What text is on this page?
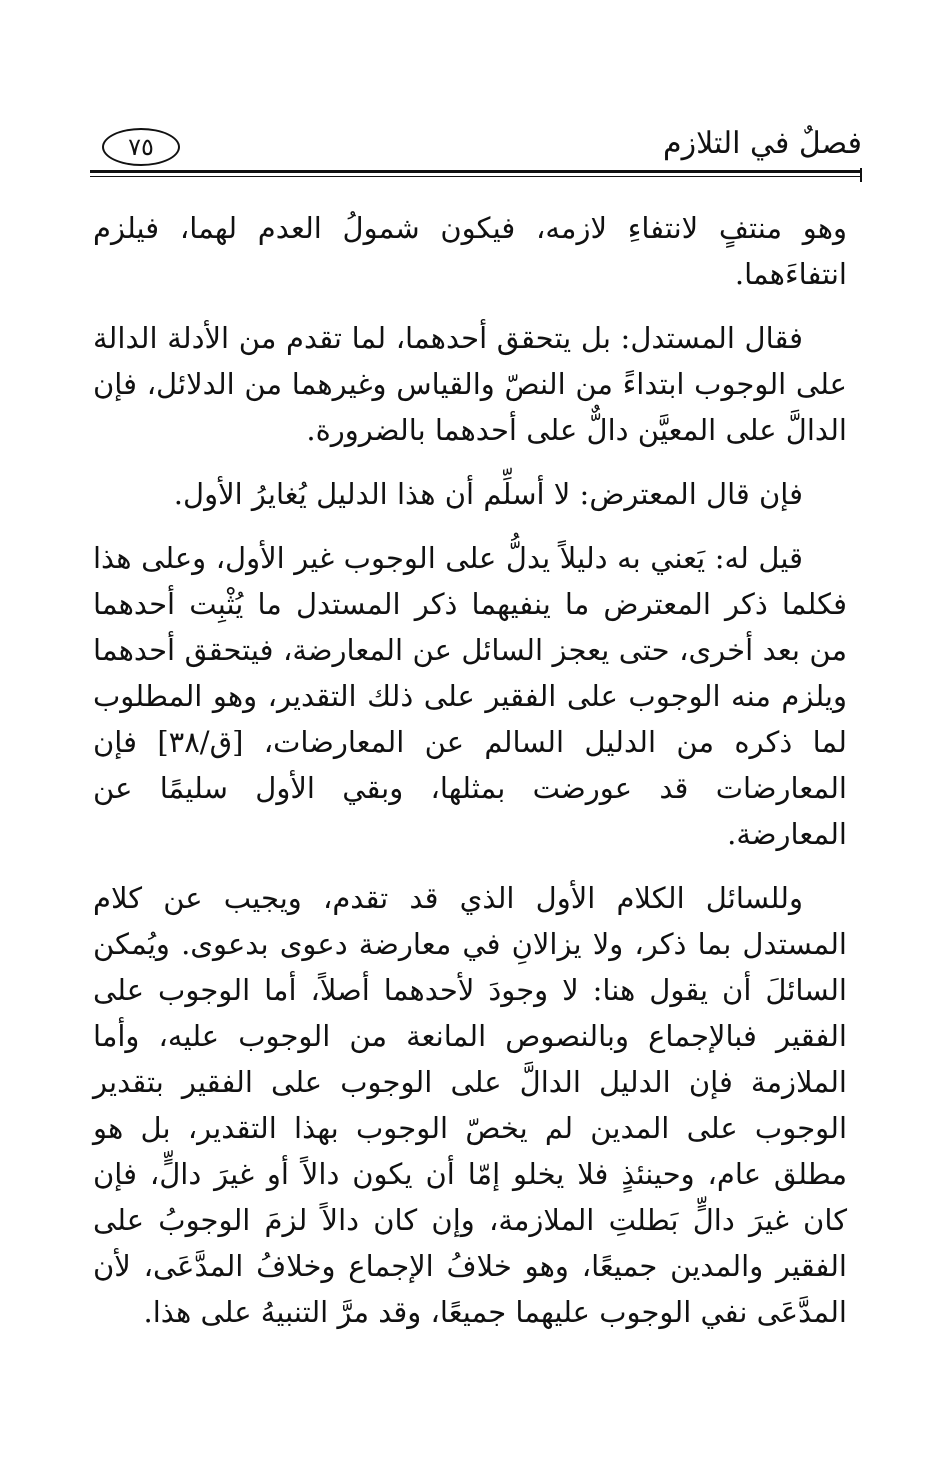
فصلٌ في التلازم
٧٥

وهو منتفٍ لانتفاءِ لازمه، فيكون شمولُ العدم لهما، فيلزم انتفاءَهما.

فقال المستدل: بل يتحقق أحدهما، لما تقدم من الأدلة الدالة على الوجوب ابتداءً من النصّ والقياس وغيرهما من الدلائل، فإن الدالَّ على المعيَّن دالٌّ على أحدهما بالضرورة.

فإن قال المعترض: لا أسلِّم أن هذا الدليل يُغايرُ الأول.

قيل له: يَعني به دليلاً يدلُّ على الوجوب غير الأول، وعلى هذا فكلما ذكر المعترض ما ينفيهما ذكر المستدل ما يُثْبِت أحدهما من بعد أخرى، حتى يعجز السائل عن المعارضة، فيتحقق أحدهما ويلزم منه الوجوب على الفقير على ذلك التقدير، وهو المطلوب لما ذكره من الدليل السالم عن المعارضات، [ق/٣٨] فإن المعارضات قد عورضت بمثلها، وبقي الأول سليمًا عن المعارضة.

وللسائل الكلام الأول الذي قد تقدم، ويجيب عن كلام المستدل بما ذكر، ولا يزالانِ في معارضة دعوى بدعوى. ويُمكن السائلَ أن يقول هنا: لا وجودَ لأحدهما أصلاً، أما الوجوب على الفقير فبالإجماع وبالنصوص المانعة من الوجوب عليه، وأما الملازمة فإن الدليل الدالَّ على الوجوب على الفقير بتقدير الوجوب على المدين لم يخصّ الوجوب بهذا التقدير، بل هو مطلق عام، وحينئذٍ فلا يخلو إمّا أن يكون دالاً أو غيرَ دالٍّ، فإن كان غيرَ دالٍّ بَطلتِ الملازمة، وإن كان دالاً لزمَ الوجوبُ على الفقير والمدين جميعًا، وهو خلافُ الإجماع وخلافُ المدَّعَى، لأن المدَّعَى نفي الوجوب عليهما جميعًا، وقد مرَّ التنبيهُ على هذا.
